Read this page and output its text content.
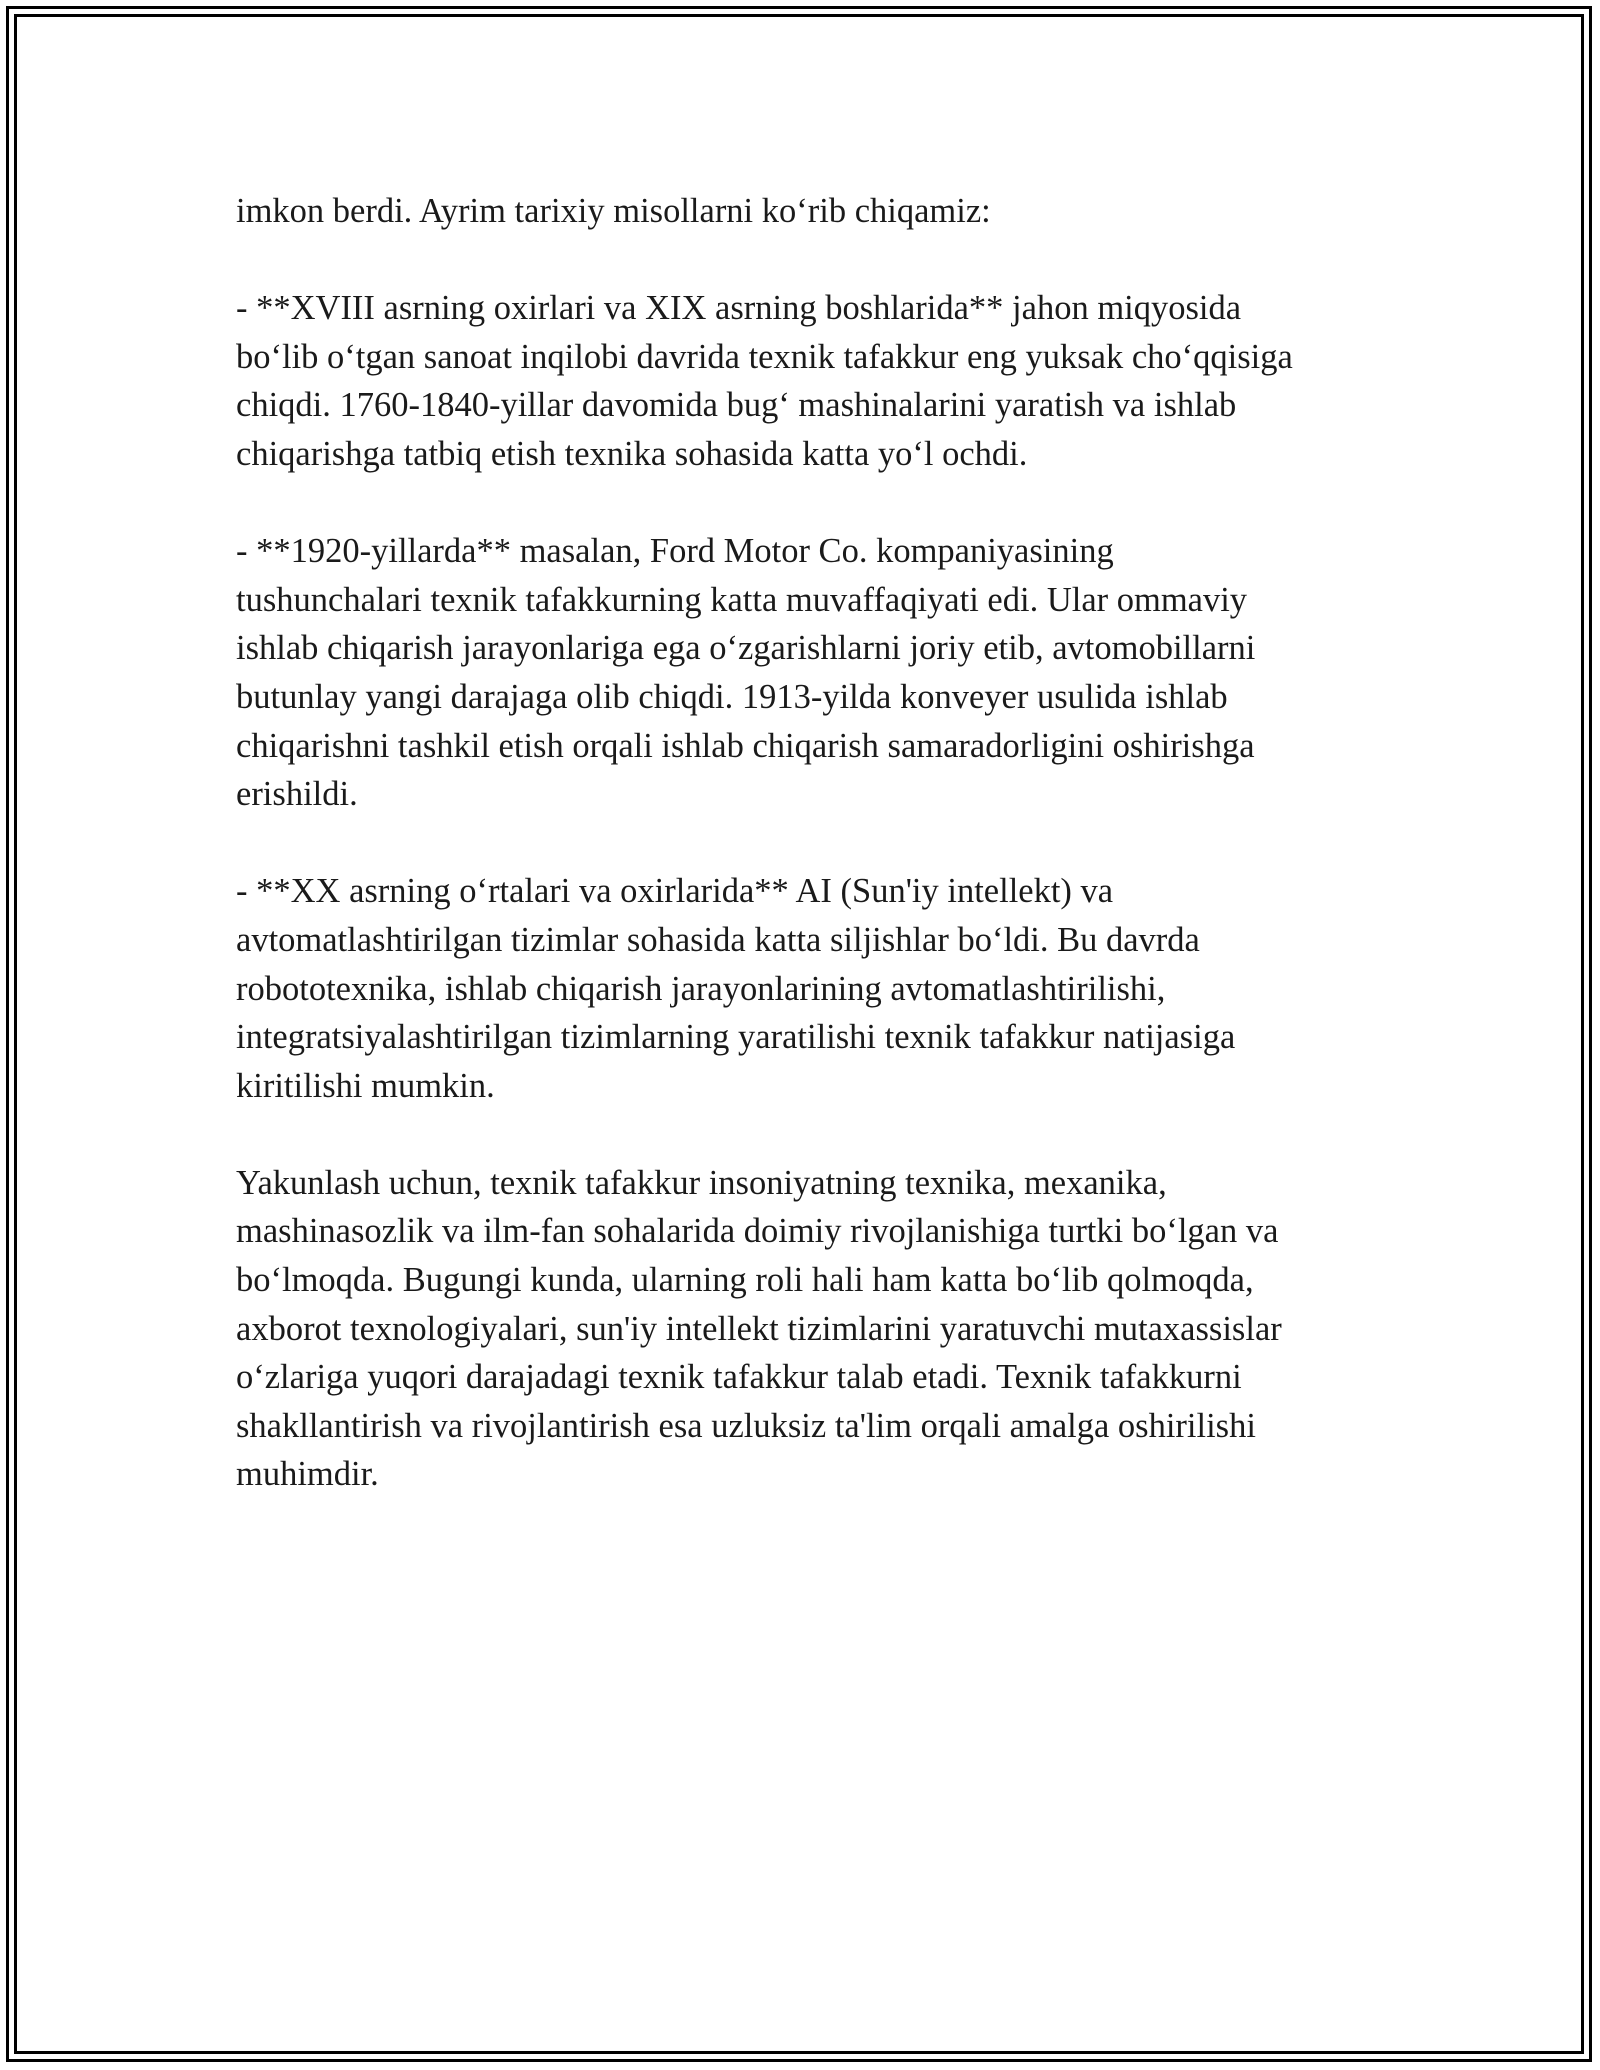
imkon berdi. Ayrim tarixiy misollarni ko‘rib chiqamiz:

- **XVIII asrning oxirlari va XIX asrning boshlarida** jahon miqyosida
bo‘lib o‘tgan sanoat inqilobi davrida texnik tafakkur eng yuksak cho‘qqisiga
chiqdi. 1760-1840-yillar davomida bug‘ mashinalarini yaratish va ishlab
chiqarishga tatbiq etish texnika sohasida katta yo‘l ochdi.

- **1920-yillarda** masalan, Ford Motor Co. kompaniyasining
tushunchalari texnik tafakkurning katta muvaffaqiyati edi. Ular ommaviy
ishlab chiqarish jarayonlariga ega o‘zgarishlarni joriy etib, avtomobillarni
butunlay yangi darajaga olib chiqdi. 1913-yilda konveyer usulida ishlab
chiqarishni tashkil etish orqali ishlab chiqarish samaradorligini oshirishga
erishildi.

- **XX asrning o‘rtalari va oxirlarida** AI (Sun'iy intellekt) va
avtomatlashtirilgan tizimlar sohasida katta siljishlar bo‘ldi. Bu davrda
robototexnika, ishlab chiqarish jarayonlarining avtomatlashtirilishi,
integratsiyalashtirilgan tizimlarning yaratilishi texnik tafakkur natijasiga
kiritilishi mumkin.

Yakunlash uchun, texnik tafakkur insoniyatning texnika, mexanika,
mashinasozlik va ilm-fan sohalarida doimiy rivojlanishiga turtki bo‘lgan va
bo‘lmoqda. Bugungi kunda, ularning roli hali ham katta bo‘lib qolmoqda,
axborot texnologiyalari, sun'iy intellekt tizimlarini yaratuvchi mutaxassislar
o‘zlariga yuqori darajadagi texnik tafakkur talab etadi. Texnik tafakkurni
shakllantirish va rivojlantirish esa uzluksiz ta'lim orqali amalga oshirilishi
muhimdir.
